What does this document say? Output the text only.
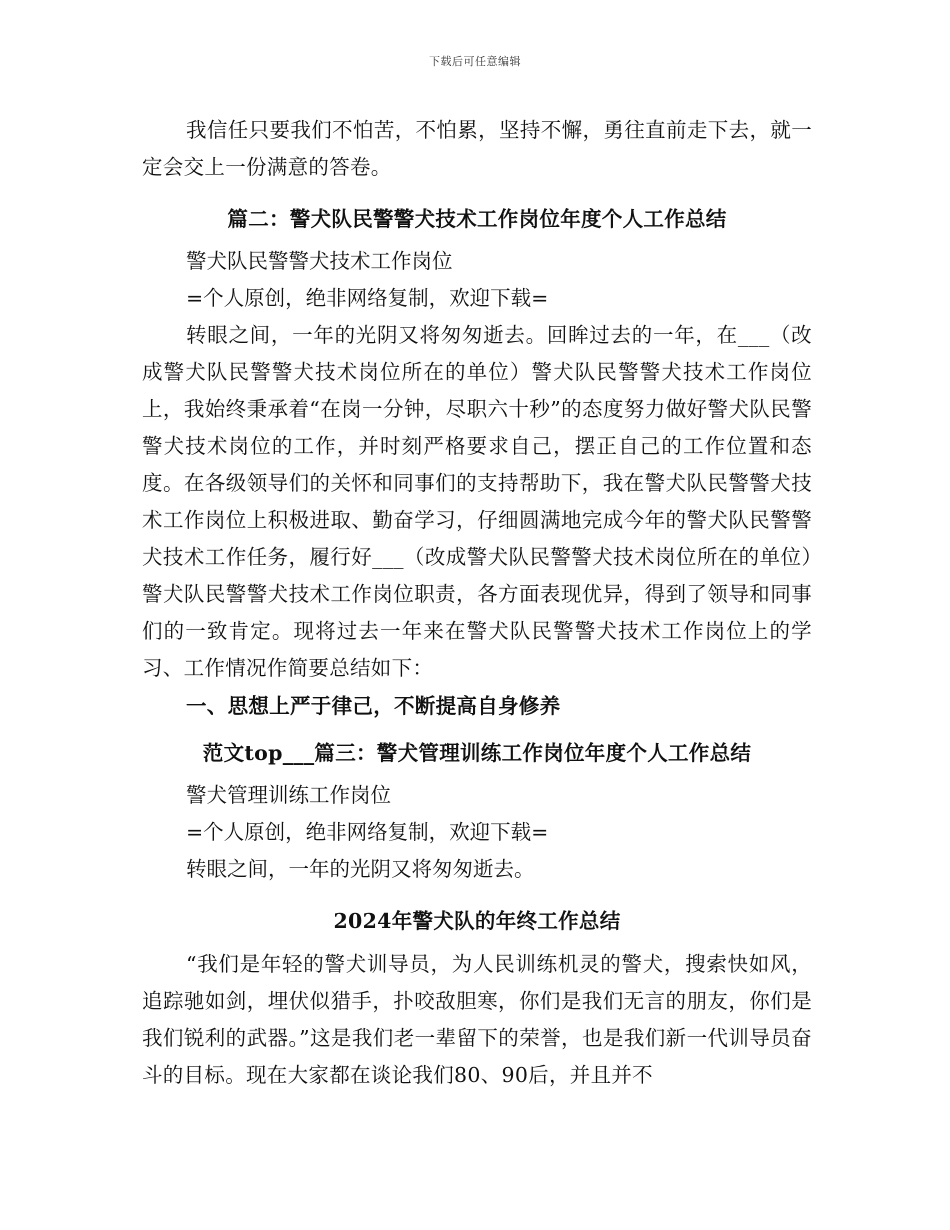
下载后可任意编辑

我信任只要我们不怕苦，不怕累，坚持不懈，勇往直前走下去，就一定会交上一份满意的答卷。

篇二：警犬队民警警犬技术工作岗位年度个人工作总结

警犬队民警警犬技术工作岗位

=个人原创，绝非网络复制，欢迎下载=

转眼之间，一年的光阴又将匆匆逝去。回眸过去的一年，在___（改成警犬队民警警犬技术岗位所在的单位）警犬队民警警犬技术工作岗位上，我始终秉承着“在岗一分钟，尽职六十秒”的态度努力做好警犬队民警警犬技术岗位的工作，并时刻严格要求自己，摆正自己的工作位置和态度。在各级领导们的关怀和同事们的支持帮助下，我在警犬队民警警犬技术工作岗位上积极进取、勤奋学习，仔细圆满地完成今年的警犬队民警警犬技术工作任务，履行好___（改成警犬队民警警犬技术岗位所在的单位）警犬队民警警犬技术工作岗位职责，各方面表现优异，得到了领导和同事们的一致肯定。现将过去一年来在警犬队民警警犬技术工作岗位上的学习、工作情况作简要总结如下：

一、思想上严于律己，不断提高自身修养

范文top___篇三：警犬管理训练工作岗位年度个人工作总结

警犬管理训练工作岗位

=个人原创，绝非网络复制，欢迎下载=

转眼之间，一年的光阴又将匆匆逝去。

2024年警犬队的年终工作总结

“我们是年轻的警犬训导员，为人民训练机灵的警犬，搜索快如风，追踪驰如剑，埋伏似猎手，扑咬敌胆寒，你们是我们无言的朋友，你们是我们锐利的武器。”这是我们老一辈留下的荣誉，也是我们新一代训导员奋斗的目标。现在大家都在谈论我们80、90后，并且并不
